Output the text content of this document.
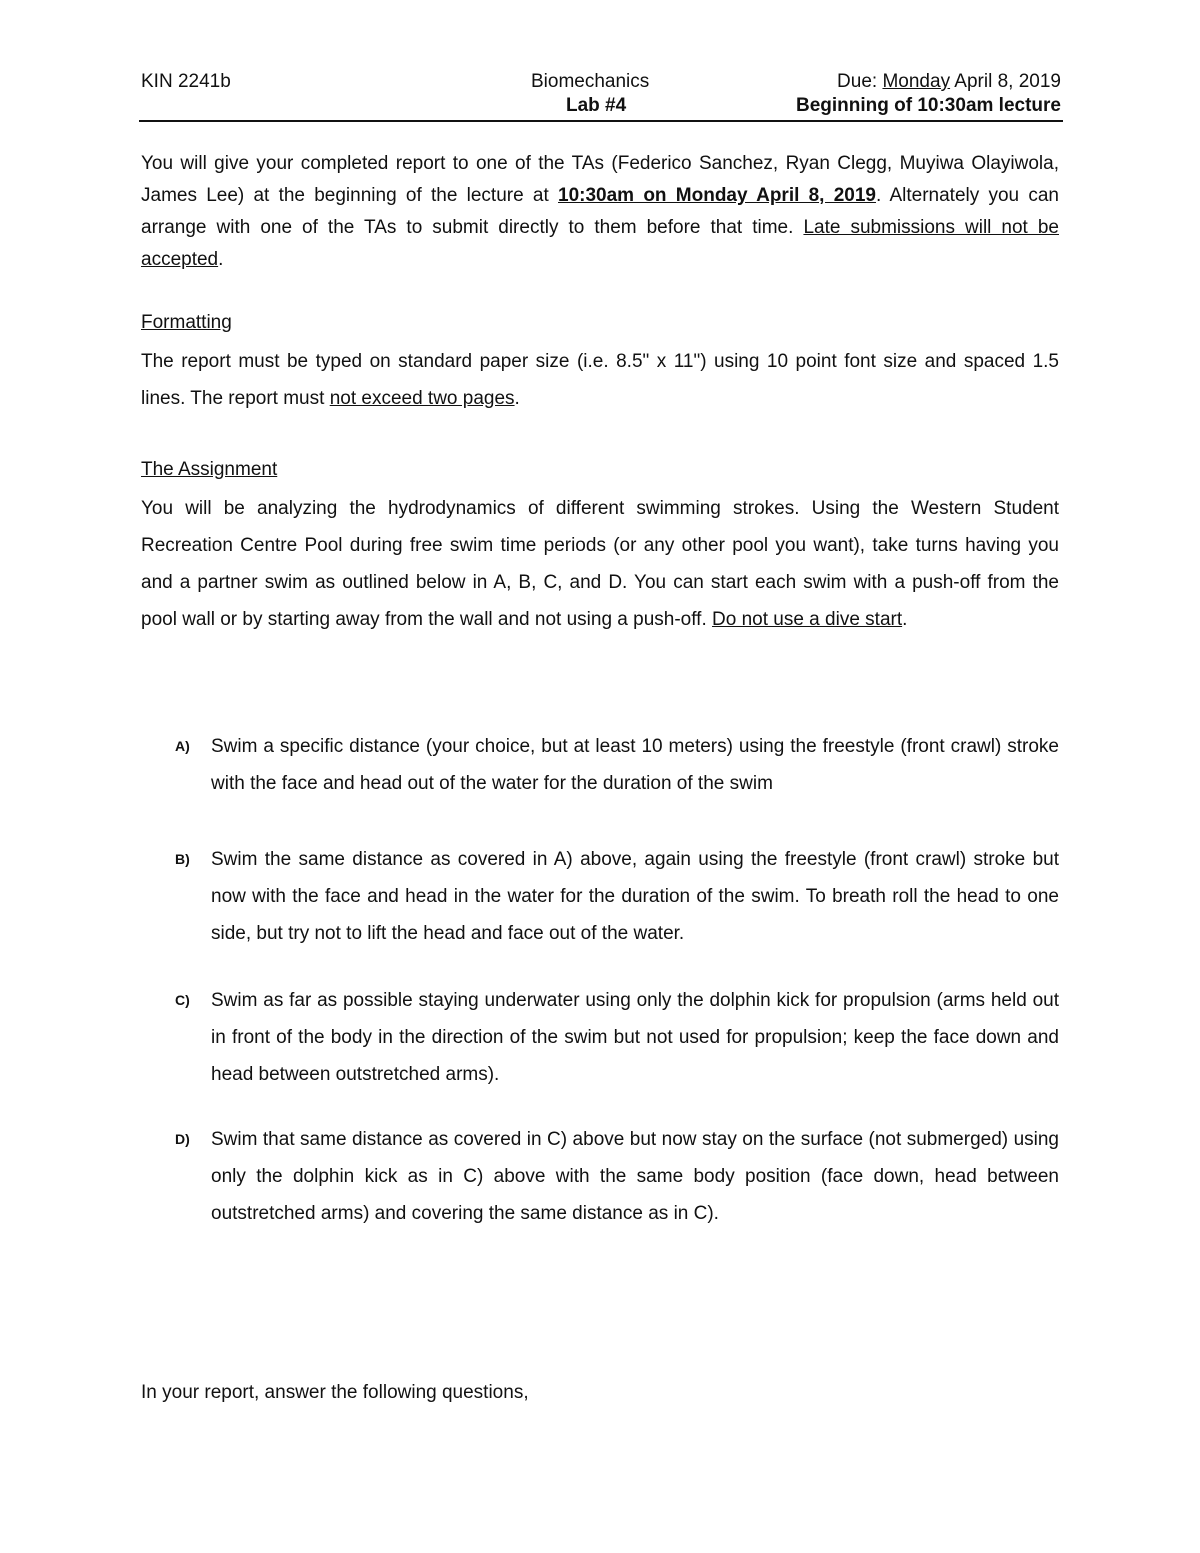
KIN 2241b	Biomechanics
Lab #4
Due: Monday April 8, 2019
Beginning of 10:30am lecture

You will give your completed report to one of the TAs (Federico Sanchez, Ryan Clegg, Muyiwa Olayiwola, James Lee) at the beginning of the lecture at 10:30am on Monday April 8, 2019. Alternately you can arrange with one of the TAs to submit directly to them before that time. Late submissions will not be accepted.

Formatting

The report must be typed on standard paper size (i.e. 8.5" x 11") using 10 point font size and spaced 1.5 lines. The report must not exceed two pages.

The Assignment

You will be analyzing the hydrodynamics of different swimming strokes. Using the Western Student Recreation Centre Pool during free swim time periods (or any other pool you want), take turns having you and a partner swim as outlined below in A, B, C, and D. You can start each swim with a push-off from the pool wall or by starting away from the wall and not using a push-off. Do not use a dive start.

A) Swim a specific distance (your choice, but at least 10 meters) using the freestyle (front crawl) stroke with the face and head out of the water for the duration of the swim
B) Swim the same distance as covered in A) above, again using the freestyle (front crawl) stroke but now with the face and head in the water for the duration of the swim. To breath roll the head to one side, but try not to lift the head and face out of the water.
C) Swim as far as possible staying underwater using only the dolphin kick for propulsion (arms held out in front of the body in the direction of the swim but not used for propulsion; keep the face down and head between outstretched arms).
D) Swim that same distance as covered in C) above but now stay on the surface (not submerged) using only the dolphin kick as in C) above with the same body position (face down, head between outstretched arms) and covering the same distance as in C).
In your report, answer the following questions,
